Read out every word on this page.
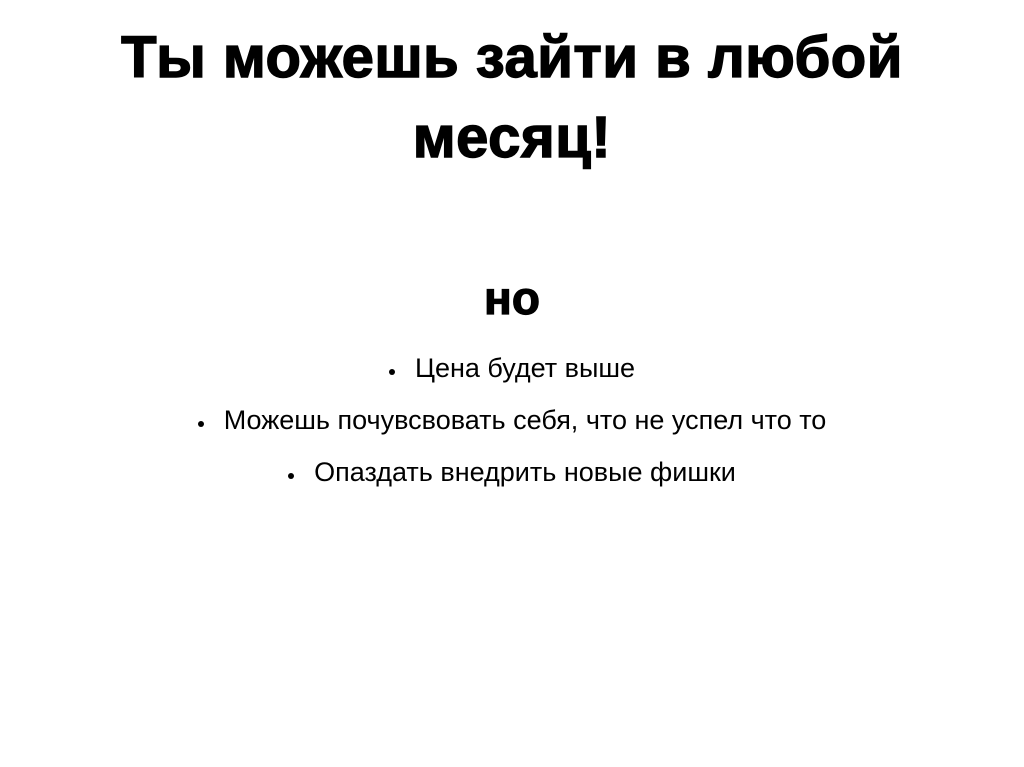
Ты можешь зайти в любой месяц!
но
Цена будет выше
Можешь почувсвовать себя, что не успел что то
Опаздать внедрить новые фишки
